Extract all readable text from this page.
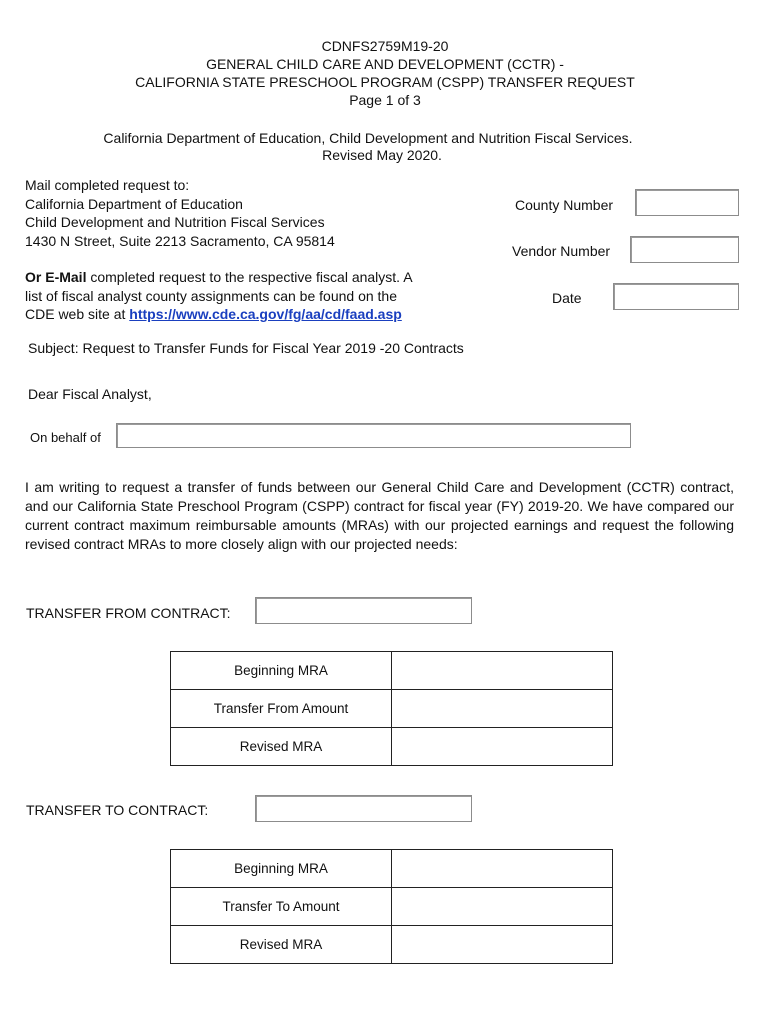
CDNFS2759M19-20
GENERAL CHILD CARE AND DEVELOPMENT (CCTR) -
CALIFORNIA STATE PRESCHOOL PROGRAM (CSPP) TRANSFER REQUEST
Page 1 of 3
California Department of Education, Child Development and Nutrition Fiscal Services.
Revised May 2020.
Mail completed request to:
California Department of Education
Child Development and Nutrition Fiscal Services
1430 N Street, Suite 2213 Sacramento, CA 95814
Or E-Mail completed request to the respective fiscal analyst. A
list of fiscal analyst county assignments can be found on the
CDE web site at https://www.cde.ca.gov/fg/aa/cd/faad.asp
County Number
Vendor Number
Date
Subject: Request to Transfer Funds for Fiscal Year 2019 -20 Contracts
Dear Fiscal Analyst,
On behalf of
I am writing to request a transfer of funds between our General Child Care and Development (CCTR) contract, and our California State Preschool Program (CSPP) contract for fiscal year (FY) 2019-20. We have compared our current contract maximum reimbursable amounts (MRAs) with our projected earnings and request the following revised contract MRAs to more closely align with our projected needs:
TRANSFER FROM CONTRACT:
Beginning MRA	
Transfer From Amount	
Revised MRA	
TRANSFER TO CONTRACT:
Beginning MRA	
Transfer To Amount	
Revised MRA	
